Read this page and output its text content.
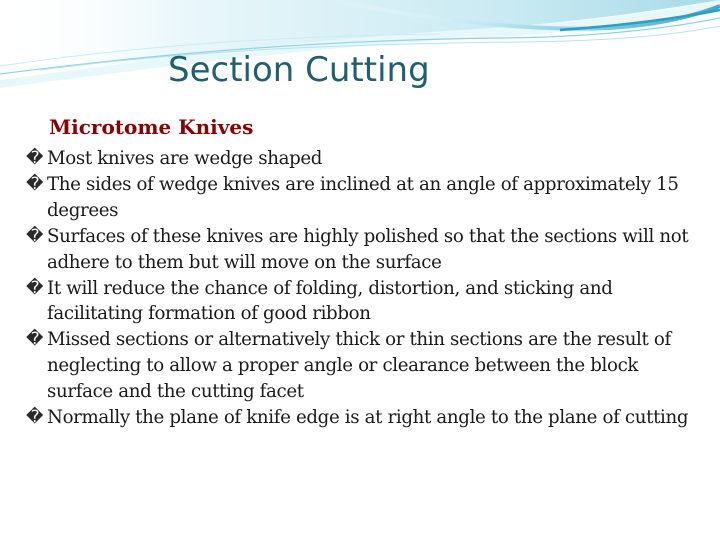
Section Cutting
Microtome Knives
� Most knives are wedge shaped
� The sides of wedge knives are inclined at an angle of approximately 15 degrees
� Surfaces of these knives are highly polished so that the sections will not adhere to them but will move on the surface
� It will reduce the chance of folding, distortion, and sticking and facilitating formation of good ribbon
� Missed sections or alternatively thick or thin sections are the result of neglecting to allow a proper angle or clearance between the block surface and the cutting facet
� Normally the plane of knife edge is at right angle to the plane of cutting
